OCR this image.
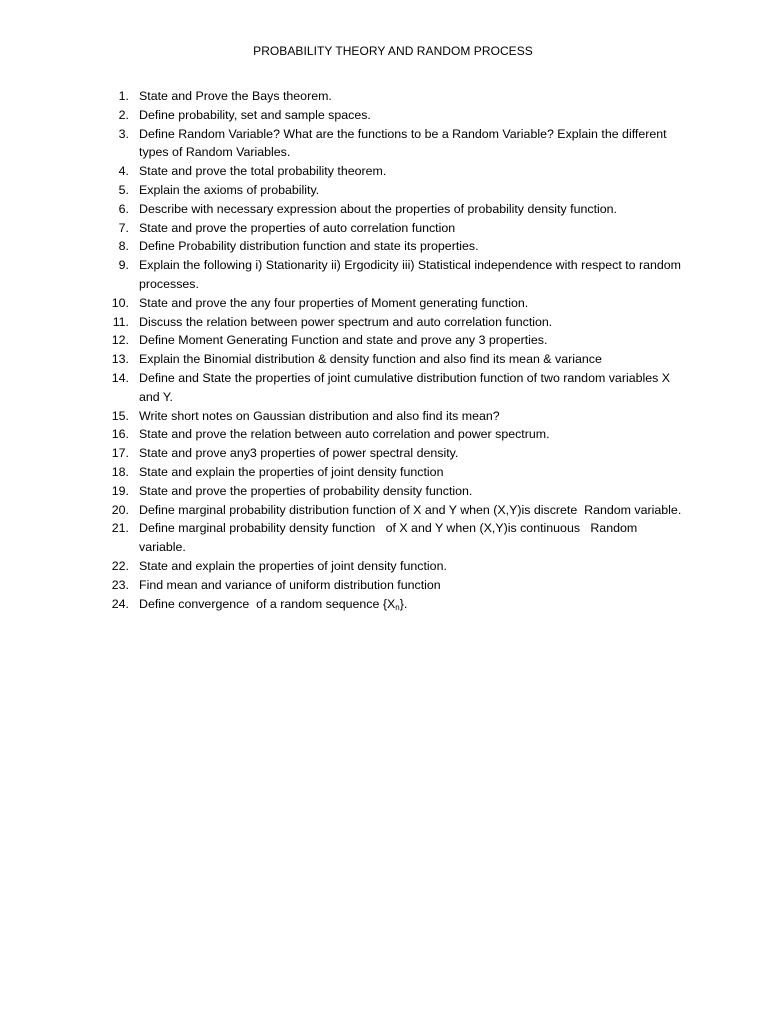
PROBABILITY THEORY AND RANDOM PROCESS
1. State and Prove the Bays theorem.
2. Define probability, set and sample spaces.
3. Define Random Variable? What are the functions to be a Random Variable? Explain the different types of Random Variables.
4. State and prove the total probability theorem.
5. Explain the axioms of probability.
6. Describe with necessary expression about the properties of probability density function.
7. State and prove the properties of auto correlation function
8. Define Probability distribution function and state its properties.
9. Explain the following i) Stationarity ii) Ergodicity iii) Statistical independence with respect to random processes.
10. State and prove the any four properties of Moment generating function.
11. Discuss the relation between power spectrum and auto correlation function.
12. Define Moment Generating Function and state and prove any 3 properties.
13. Explain the Binomial distribution & density function and also find its mean & variance
14. Define and State the properties of joint cumulative distribution function of two random variables X and Y.
15. Write short notes on Gaussian distribution and also find its mean?
16. State and prove the relation between auto correlation and power spectrum.
17. State and prove any3 properties of power spectral density.
18. State and explain the properties of joint density function
19. State and prove the properties of probability density function.
20. Define marginal probability distribution function of X and Y when (X,Y)is discrete  Random variable.
21. Define marginal probability density function   of X and Y when (X,Y)is continuous   Random variable.
22. State and explain the properties of joint density function.
23. Find mean and variance of uniform distribution function
24. Define convergence  of a random sequence $\{X_n\}$.
